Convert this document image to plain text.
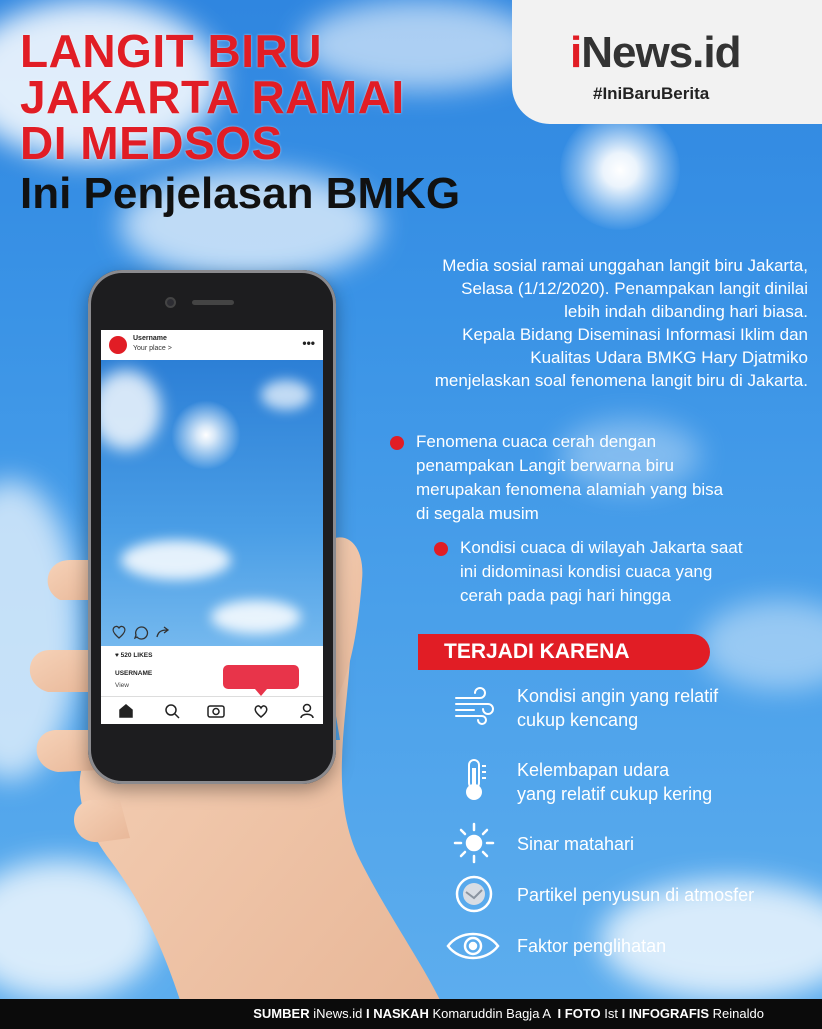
LANGIT BIRU
JAKARTA RAMAI
DI MEDSOS
Ini Penjelasan BMKG
iNews.id
#IniBaruBerita
Media sosial ramai unggahan langit biru Jakarta,
Selasa (1/12/2020). Penampakan langit dinilai
lebih indah dibanding hari biasa.
Kepala Bidang Diseminasi Informasi Iklim dan
Kualitas Udara BMKG Hary Djatmiko
menjelaskan soal fenomena langit biru di Jakarta.
Fenomena cuaca cerah dengan
penampakan Langit berwarna biru
merupakan fenomena alamiah yang bisa
di segala musim
Kondisi cuaca di wilayah Jakarta saat
ini didominasi kondisi cuaca yang
cerah pada pagi hari hingga
TERJADI KARENA
Kondisi angin yang relatif
cukup kencang
Kelembapan udara
yang relatif cukup kering
Sinar matahari
Partikel penyusun di atmosfer
Faktor penglihatan
Username
Your place >	•••
♥ 520 LIKES
USERNAME
View
SUMBER iNews.id I NASKAH Komaruddin Bagja A I FOTO Ist I INFOGRAFIS Reinaldo
